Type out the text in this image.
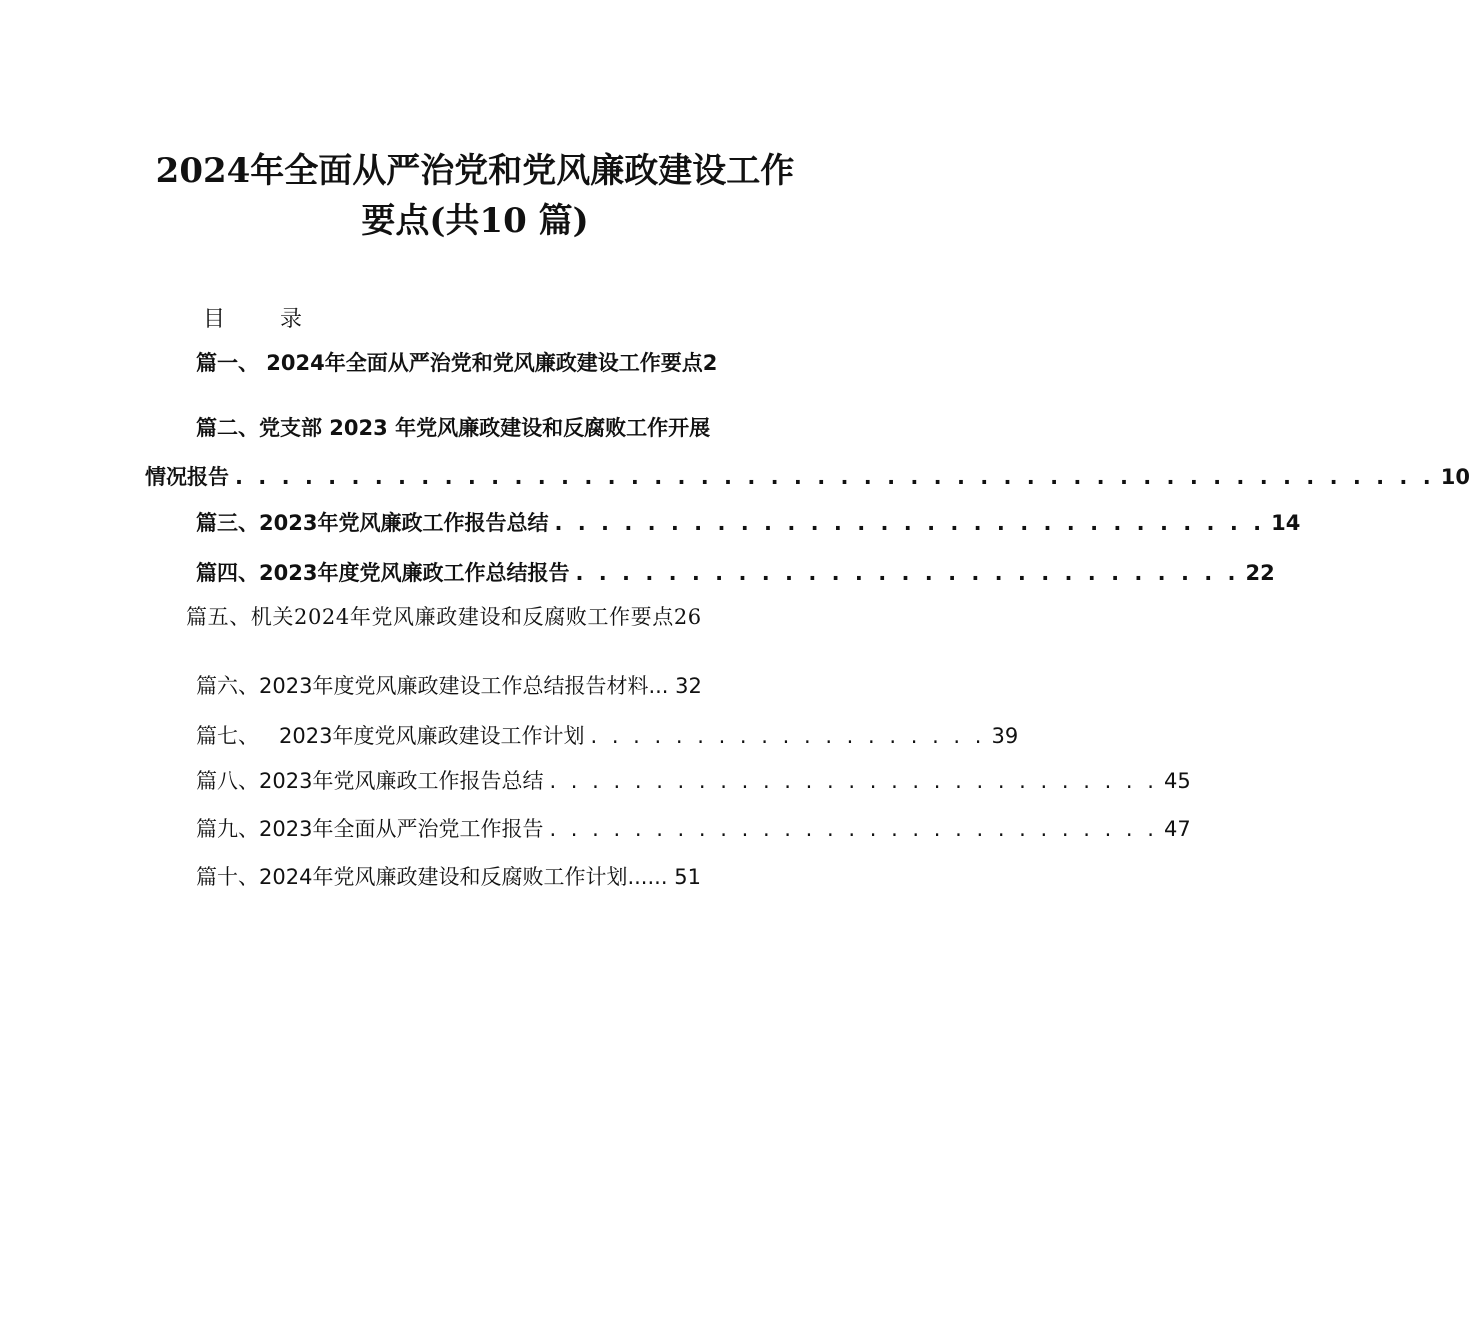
2024年全面从严治党和党风廉政建设工作
要点(共10 篇)
目 录
篇一、 2024年全面从严治党和党风廉政建设工作要点2
篇二、党支部 2023 年党风廉政建设和反腐败工作开展
情况报告 . . . . . . . . . . . . . . . . . . . . . . . . . . . . . . . . . . . . . . . . . . . . . . . . . . . . 10
篇三、2023年党风廉政工作报告总结 . . . . . . . . . . . . . . . . . . . . . . . . . . . . . . . 14
篇四、2023年度党风廉政工作总结报告 . . . . . . . . . . . . . . . . . . . . . . . . . . . . . 22
篇五、机关2024年党风廉政建设和反腐败工作要点26
篇六、2023年度党风廉政建设工作总结报告材料... 32
篇七、   2023年度党风廉政建设工作计划 . . . . . . . . . . . . . . . . . . . 39
篇八、2023年党风廉政工作报告总结 . . . . . . . . . . . . . . . . . . . . . . . . . . . . . 45
篇九、2023年全面从严治党工作报告 . . . . . . . . . . . . . . . . . . . . . . . . . . . . . 47
篇十、2024年党风廉政建设和反腐败工作计划...... 51
